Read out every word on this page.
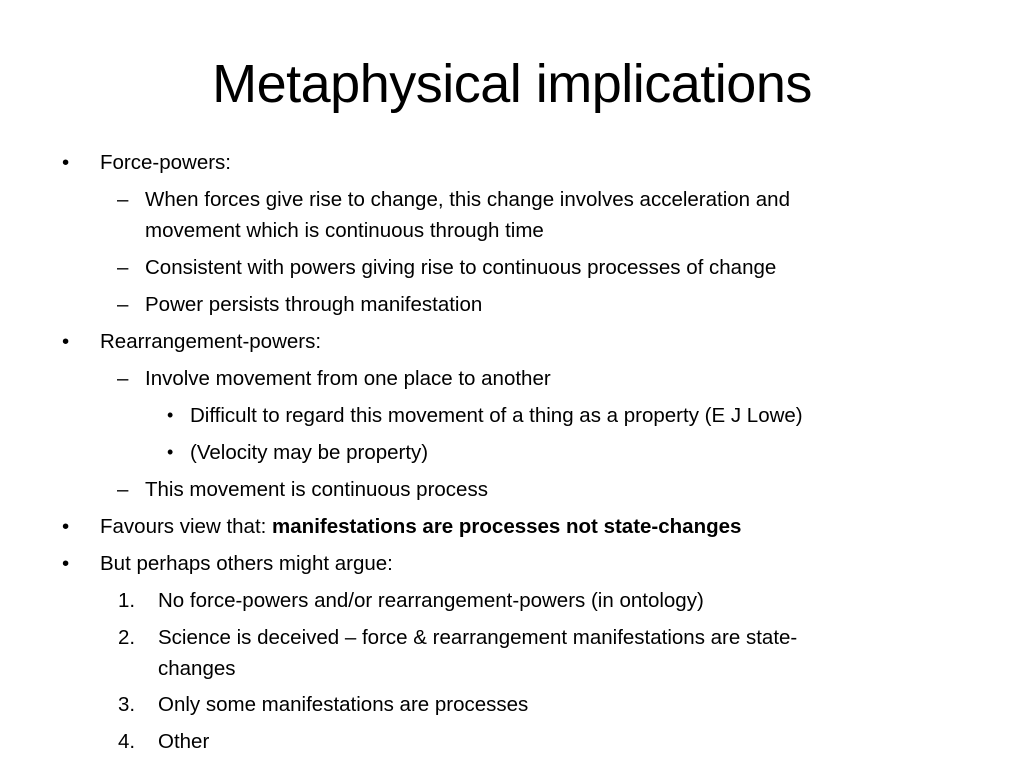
Metaphysical implications
• Force-powers:
– When forces give rise to change, this change involves acceleration and
movement which is continuous through time
– Consistent with powers giving rise to continuous processes of change
– Power persists through manifestation
• Rearrangement-powers:
– Involve movement from one place to another
• Difficult to regard this movement of a thing as a property (E J Lowe)
• (Velocity may be property)
– This movement is continuous process
• Favours view that: manifestations are processes not state-changes
• But perhaps others might argue:
1. No force-powers and/or rearrangement-powers (in ontology)
2. Science is deceived – force & rearrangement manifestations are state-
changes
3. Only some manifestations are processes
4. Other
